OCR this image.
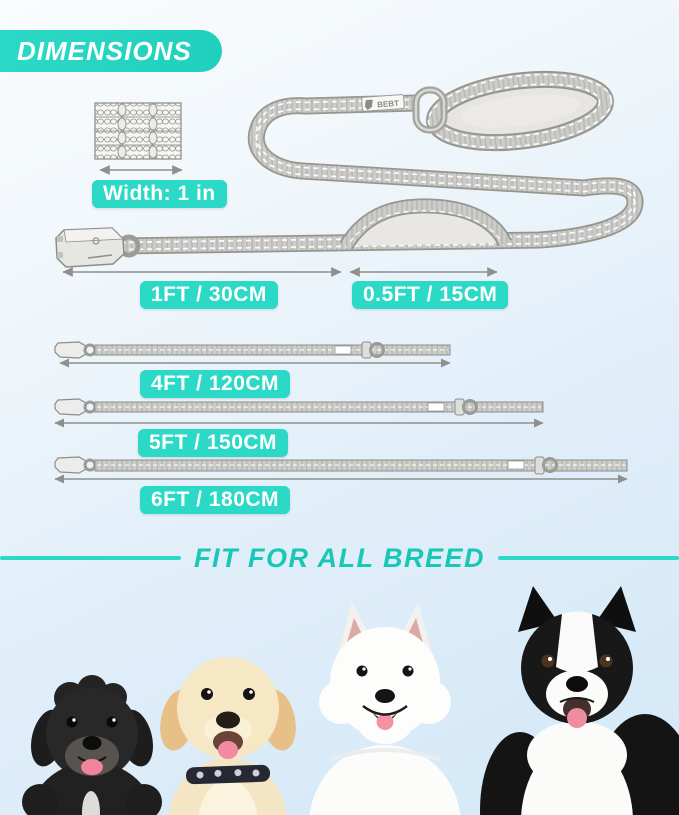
BEBT
DIMENSIONS
Width: 1 in
1FT / 30CM	0.5FT / 15CM
4FT / 120CM
5FT / 150CM
6FT / 180CM
FIT FOR ALL BREED
